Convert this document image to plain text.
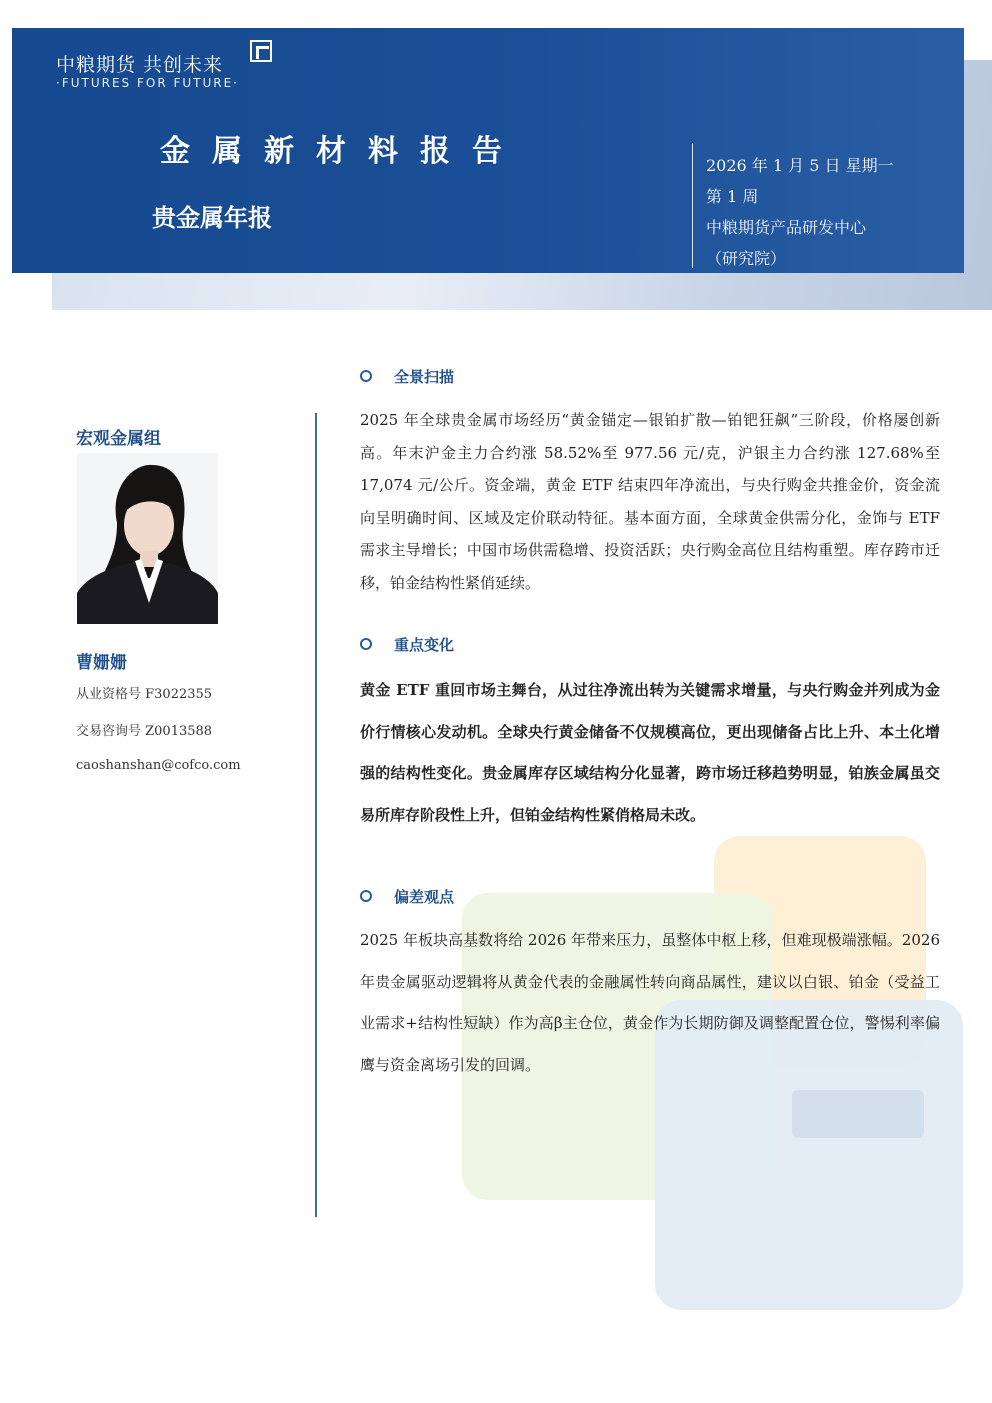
中粮期货 共创未来
·FUTURES FOR FUTURE·
金属新材料报告
贵金属年报
2026 年 1 月 5 日 星期一
第 1 周
中粮期货产品研发中心
（研究院）
宏观金属组
曹姗姗
从业资格号 F3022355
交易咨询号 Z0013588
caoshanshan@cofco.com
全景扫描

2025 年全球贵金属市场经历“黄金锚定—银铂扩散—铂钯狂飙”三阶段，价格屡创新高。年末沪金主力合约涨 58.52%至 977.56 元/克，沪银主力合约涨 127.68%至 17,074 元/公斤。资金端，黄金 ETF 结束四年净流出，与央行购金共推金价，资金流向呈明确时间、区域及定价联动特征。基本面方面，全球黄金供需分化，金饰与 ETF 需求主导增长；中国市场供需稳增、投资活跃；央行购金高位且结构重塑。库存跨市迁移，铂金结构性紧俏延续。

重点变化

黄金 ETF 重回市场主舞台，从过往净流出转为关键需求增量，与央行购金并列成为金价行情核心发动机。全球央行黄金储备不仅规模高位，更出现储备占比上升、本土化增强的结构性变化。贵金属库存区域结构分化显著，跨市场迁移趋势明显，铂族金属虽交易所库存阶段性上升，但铂金结构性紧俏格局未改。

偏差观点

2025 年板块高基数将给 2026 年带来压力，虽整体中枢上移，但难现极端涨幅。2026 年贵金属驱动逻辑将从黄金代表的金融属性转向商品属性，建议以白银、铂金（受益工业需求+结构性短缺）作为高β主仓位，黄金作为长期防御及调整配置仓位，警惕利率偏鹰与资金离场引发的回调。
